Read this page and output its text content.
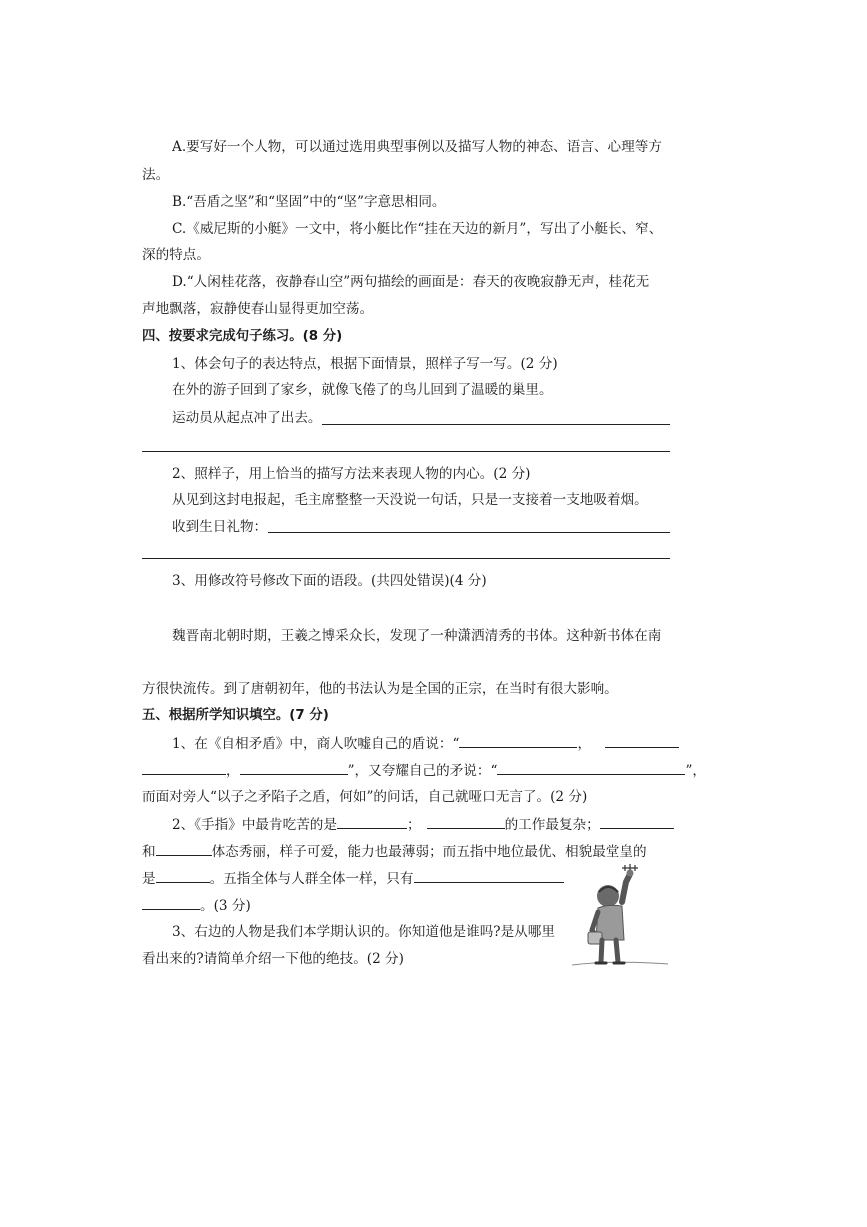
A.要写好一个人物，可以通过选用典型事例以及描写人物的神态、语言、心理等方
法。
B.“吾盾之坚”和“坚固”中的“坚”字意思相同。
C.《威尼斯的小艇》一文中，将小艇比作“挂在天边的新月”，写出了小艇长、窄、
深的特点。
D.“人闲桂花落，夜静春山空”两句描绘的画面是：春天的夜晚寂静无声，桂花无
声地飘落，寂静使春山显得更加空荡。
四、按要求完成句子练习。(8 分)
1、体会句子的表达特点，根据下面情景，照样子写一写。(2 分)
在外的游子回到了家乡，就像飞倦了的鸟儿回到了温暖的巢里。
运动员从起点冲了出去。
2、照样子，用上恰当的描写方法来表现人物的内心。(2 分)
从见到这封电报起，毛主席整整一天没说一句话，只是一支接着一支地吸着烟。
收到生日礼物：
3、用修改符号修改下面的语段。(共四处错误)(4 分)
魏晋南北朝时期，王羲之博采众长，发现了一种潇洒清秀的书体。这种新书体在南
方很快流传。到了唐朝初年，他的书法认为是全国的正宗，在当时有很大影响。
五、根据所学知识填空。(7 分)
1、在《自相矛盾》中，商人吹嘘自己的盾说：“	，
，	”，又夸耀自己的矛说：“	”，
而面对旁人“以子之矛陷子之盾，何如”的问话，自己就哑口无言了。(2 分)
2、《手指》中最肯吃苦的是	；	的工作最复杂；
和	体态秀丽，样子可爱，能力也最薄弱；而五指中地位最优、相貌最堂皇的
是	。五指全体与人群全体一样，只有
。(3 分)
3、右边的人物是我们本学期认识的。你知道他是谁吗?是从哪里
看出来的?请简单介绍一下他的绝技。(2 分)
